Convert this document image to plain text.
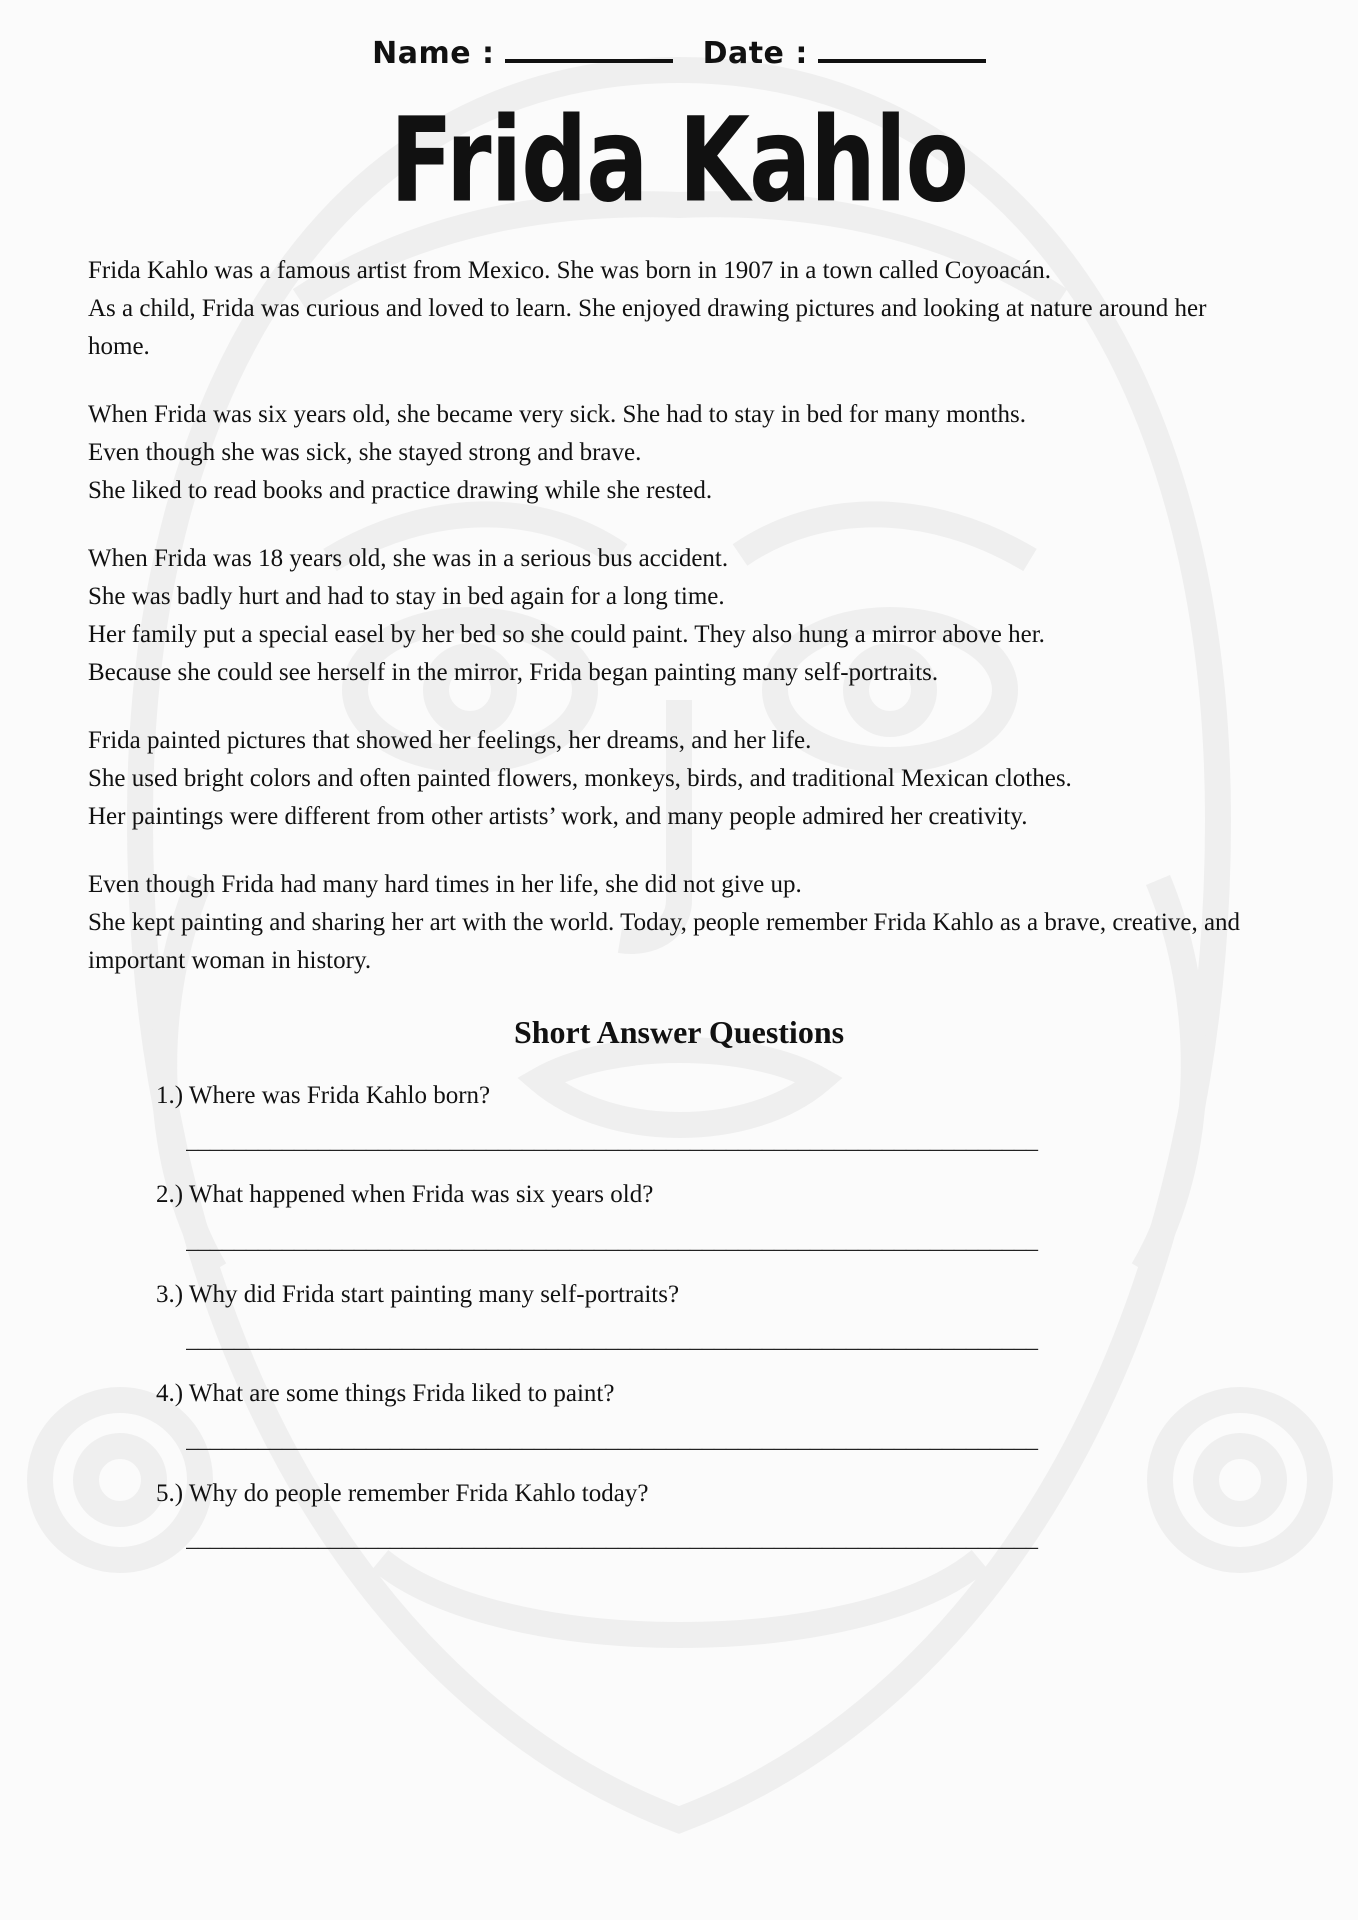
Name :	Date :
Frida Kahlo

Frida Kahlo was a famous artist from Mexico. She was born in 1907 in a town called Coyoacán.
As a child, Frida was curious and loved to learn. She enjoyed drawing pictures and looking at nature around her home.

When Frida was six years old, she became very sick. She had to stay in bed for many months.
Even though she was sick, she stayed strong and brave.
She liked to read books and practice drawing while she rested.

When Frida was 18 years old, she was in a serious bus accident.
She was badly hurt and had to stay in bed again for a long time.
Her family put a special easel by her bed so she could paint. They also hung a mirror above her.
Because she could see herself in the mirror, Frida began painting many self-portraits.

Frida painted pictures that showed her feelings, her dreams, and her life.
She used bright colors and often painted flowers, monkeys, birds, and traditional Mexican clothes.
Her paintings were different from other artists’ work, and many people admired her creativity.

Even though Frida had many hard times in her life, she did not give up.
She kept painting and sharing her art with the world. Today, people remember Frida Kahlo as a brave, creative, and important woman in history.

Short Answer Questions
1.) Where was Frida Kahlo born?
_______________________________________________________________________
2.) What happened when Frida was six years old?
_______________________________________________________________________
3.) Why did Frida start painting many self-portraits?
_______________________________________________________________________
4.) What are some things Frida liked to paint?
_______________________________________________________________________
5.) Why do people remember Frida Kahlo today?
_______________________________________________________________________
